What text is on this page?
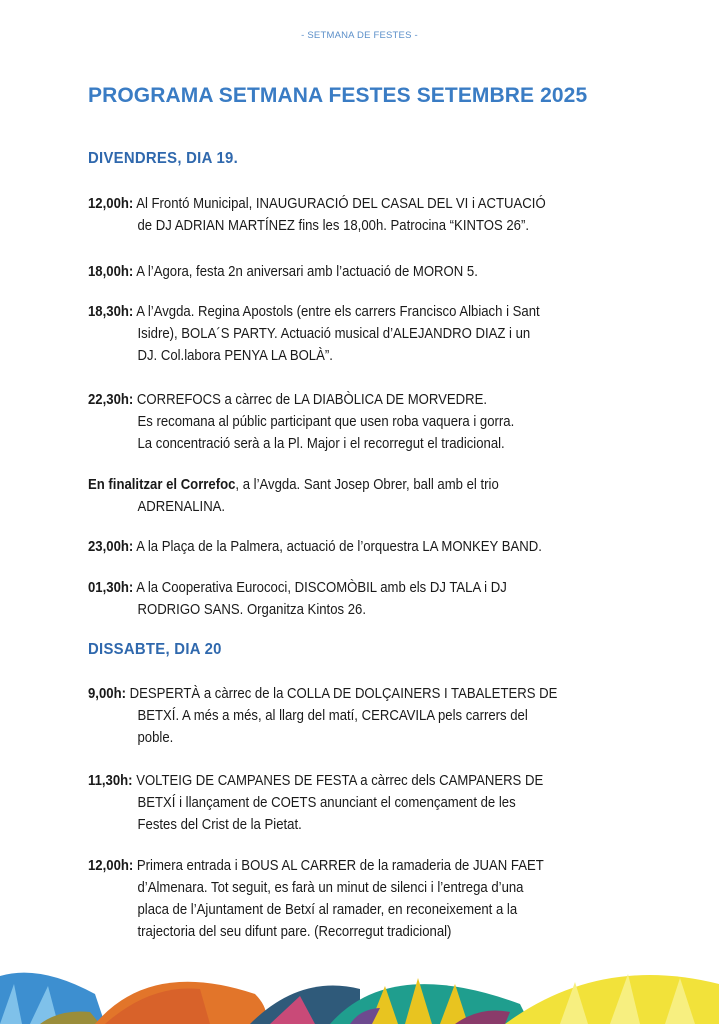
- SETMANA DE FESTES -
PROGRAMA SETMANA FESTES SETEMBRE 2025
DIVENDRES, DIA 19.
12,00h: Al Frontó Municipal, INAUGURACIÓ DEL CASAL DEL VI i ACTUACIÓ
de DJ ADRIAN MARTÍNEZ fins les 18,00h. Patrocina “KINTOS 26”.
18,00h: A l’Agora, festa 2n aniversari amb l’actuació de MORON 5.
18,30h: A l’Avgda. Regina Apostols (entre els carrers Francisco Albiach i Sant
Isidre), BOLA´S PARTY. Actuació musical d’ALEJANDRO DIAZ i un
DJ. Col.labora PENYA LA BOLÀ”.
22,30h: CORREFOCS a càrrec de LA DIABÒLICA DE MORVEDRE.
Es recomana al públic participant que usen roba vaquera i gorra.
La concentració serà a la Pl. Major i el recorregut el tradicional.
En finalitzar el Correfoc, a l’Avgda. Sant Josep Obrer, ball amb el trio
ADRENALINA.
23,00h: A la Plaça de la Palmera, actuació de l’orquestra LA MONKEY BAND.
01,30h: A la Cooperativa Eurococi, DISCOMÒBIL amb els DJ TALA i DJ
RODRIGO SANS. Organitza Kintos 26.
DISSABTE, DIA 20
9,00h: DESPERTÀ a càrrec de la COLLA DE DOLÇAINERS I TABALETERS DE
BETXÍ. A més a més, al llarg del matí, CERCAVILA pels carrers del
poble.
11,30h: VOLTEIG DE CAMPANES DE FESTA a càrrec dels CAMPANERS DE
BETXÍ i llançament de COETS anunciant el començament de les
Festes del Crist de la Pietat.
12,00h: Primera entrada i BOUS AL CARRER de la ramaderia de JUAN FAET
d’Almenara. Tot seguit, es farà un minut de silenci i l’entrega d’una
placa de l’Ajuntament de Betxí al ramader, en reconeixement a la
trajectoria del seu difunt pare. (Recorregut tradicional)
